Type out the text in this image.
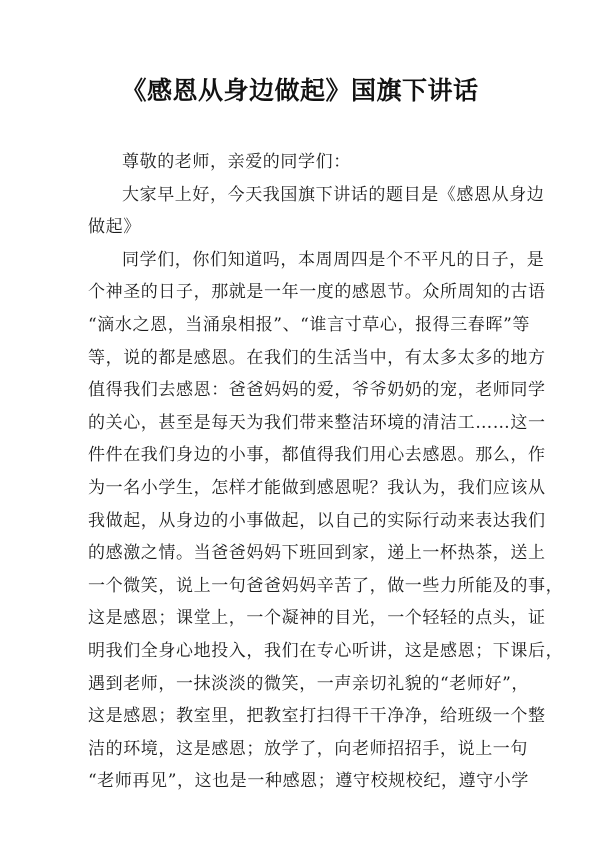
《感恩从身边做起》国旗下讲话
尊敬的老师，亲爱的同学们：
大家早上好，今天我国旗下讲话的题目是《感恩从身边
做起》
同学们，你们知道吗，本周周四是个不平凡的日子，是
个神圣的日子，那就是一年一度的感恩节。众所周知的古语
“滴水之恩，当涌泉相报”、“谁言寸草心，报得三春晖”等
等，说的都是感恩。在我们的生活当中，有太多太多的地方
值得我们去感恩：爸爸妈妈的爱，爷爷奶奶的宠，老师同学
的关心，甚至是每天为我们带来整洁环境的清洁工……这一
件件在我们身边的小事，都值得我们用心去感恩。那么，作
为一名小学生，怎样才能做到感恩呢？我认为，我们应该从
我做起，从身边的小事做起，以自己的实际行动来表达我们
的感激之情。当爸爸妈妈下班回到家，递上一杯热茶，送上
一个微笑，说上一句爸爸妈妈辛苦了，做一些力所能及的事，
这是感恩；课堂上，一个凝神的目光，一个轻轻的点头，证
明我们全身心地投入，我们在专心听讲，这是感恩；下课后，
遇到老师，一抹淡淡的微笑，一声亲切礼貌的“老师好”，
这是感恩；教室里，把教室打扫得干干净净，给班级一个整
洁的环境，这是感恩；放学了，向老师招招手，说上一句
“老师再见”，这也是一种感恩；遵守校规校纪，遵守小学
